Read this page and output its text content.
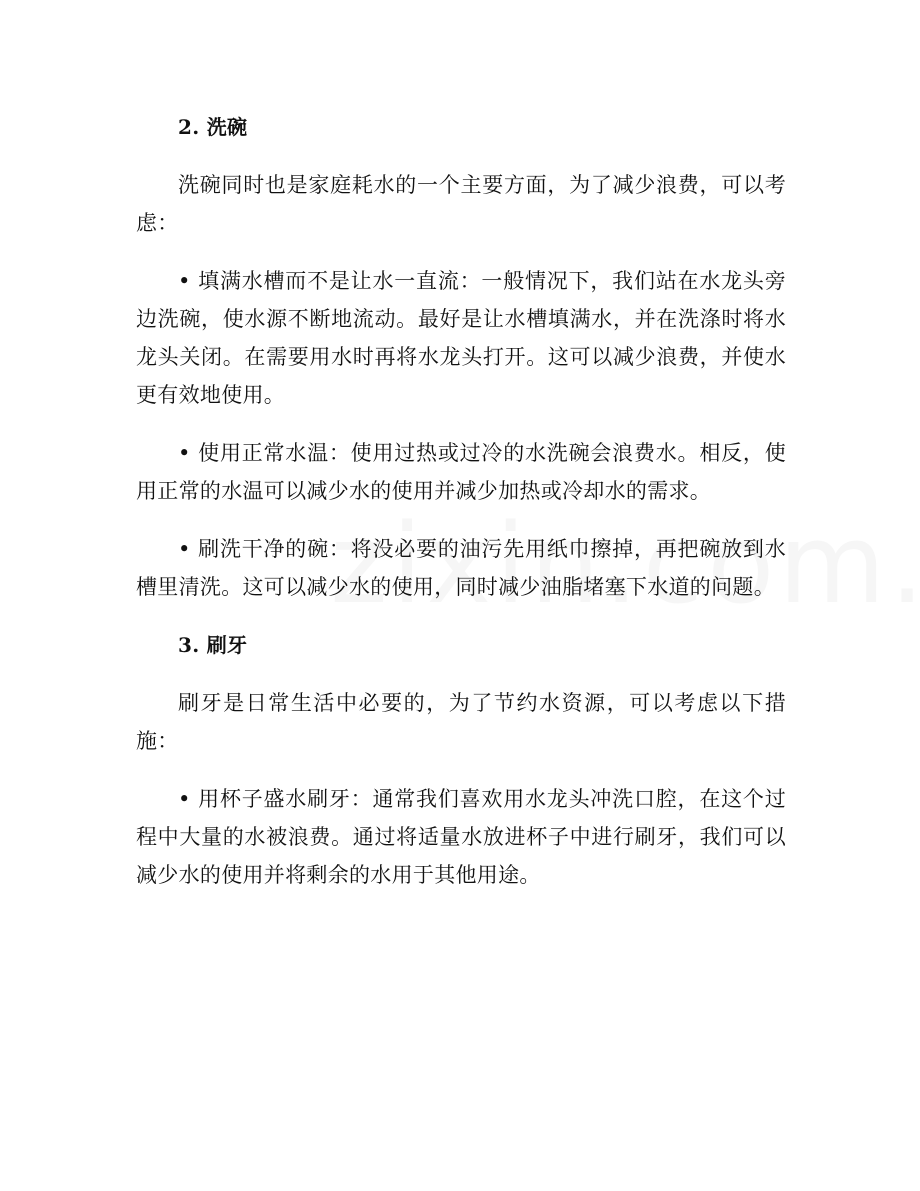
2. 洗碗

洗碗同时也是家庭耗水的一个主要方面，为了减少浪费，可以考虑：

• 填满水槽而不是让水一直流：一般情况下，我们站在水龙头旁边洗碗，使水源不断地流动。最好是让水槽填满水，并在洗涤时将水龙头关闭。在需要用水时再将水龙头打开。这可以减少浪费，并使水更有效地使用。

• 使用正常水温：使用过热或过冷的水洗碗会浪费水。相反，使用正常的水温可以减少水的使用并减少加热或冷却水的需求。

• 刷洗干净的碗：将没必要的油污先用纸巾擦掉，再把碗放到水槽里清洗。这可以减少水的使用，同时减少油脂堵塞下水道的问题。

3. 刷牙

刷牙是日常生活中必要的，为了节约水资源，可以考虑以下措施：

• 用杯子盛水刷牙：通常我们喜欢用水龙头冲洗口腔，在这个过程中大量的水被浪费。通过将适量水放进杯子中进行刷牙，我们可以减少水的使用并将剩余的水用于其他用途。
